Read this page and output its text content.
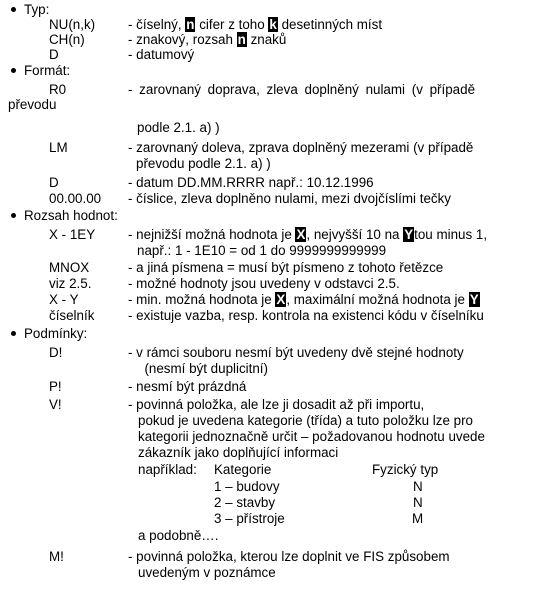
Typ:
NU(n,k) - číselný, n cifer z toho k desetinných míst
CH(n)	- znakový, rozsah n znaků
D	- datumový
Formát:
R0	- zarovnaný doprava, zleva doplněný nulami (v případě
převodu
podle 2.1. a) )
LM	- zarovnaný doleva, zprava doplněný mezerami (v případě
převodu podle 2.1. a) )
D	- datum DD.MM.RRRR např.: 10.12.1996
00.00.00 - číslice, zleva doplněno nulami, mezi dvojčíslími tečky
Rozsah hodnot:
X - 1EY - nejnižší možná hodnota je X, nejvyšší 10 na Ytou minus 1,
např.: 1 - 1E10 = od 1 do 9999999999999
MNOX	- a jiná písmena = musí být písmeno z tohoto řetězce
viz 2.5.	- možné hodnoty jsou uvedeny v odstavci 2.5.
X - Y	- min. možná hodnota je X, maximální možná hodnota je Y
číselník	- existuje vazba, resp. kontrola na existenci kódu v číselníku
Podmínky:
D!	- v rámci souboru nesmí být uvedeny dvě stejné hodnoty
(nesmí být duplicitní)
P!	- nesmí být prázdná
V!	- povinná položka, ale lze ji dosadit až při importu,
pokud je uvedena kategorie (třída) a tuto položku lze pro
kategorii jednoznačně určit – požadovanou hodnotu uvede
zákazník jako doplňující informaci
například: Kategorie	Fyzický typ
1 – budovy	N
2 – stavby	N
3 – přístroje	M
a podobně….
M!	- povinná položka, kterou lze doplnit ve FIS způsobem
uvedeným v poznámce
